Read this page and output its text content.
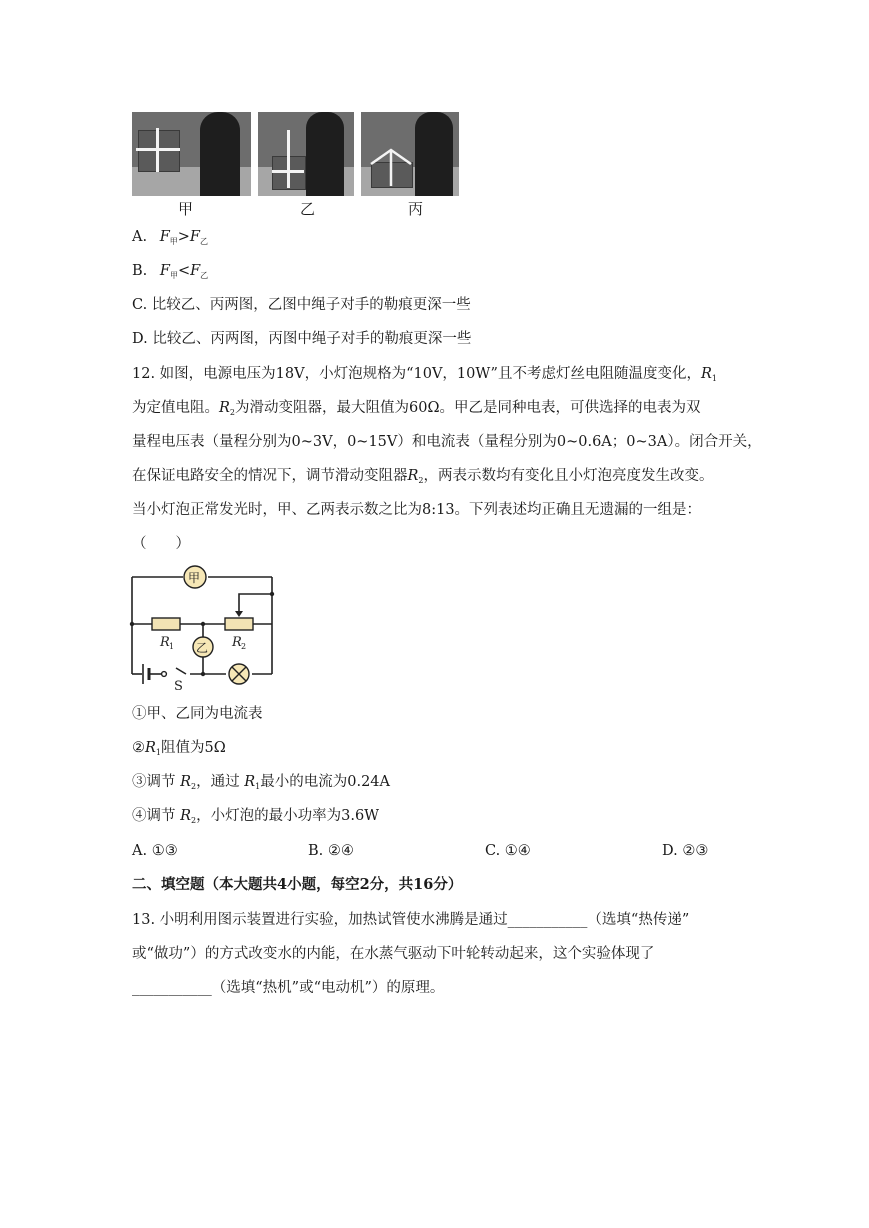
甲	乙	丙
A. $F_甲>F_乙$
B. $F_甲<F_乙$
C. 比较乙、丙两图，乙图中绳子对手的勒痕更深一些
D. 比较乙、丙两图，丙图中绳子对手的勒痕更深一些
12. 如图，电源电压为18V，小灯泡规格为“10V，10W”且不考虑灯丝电阻随温度变化，$R_1$
为定值电阻。$R_2$为滑动变阻器，最大阻值为60Ω。甲乙是同种电表，可供选择的电表为双
量程电压表（量程分别为0~3V，0~15V）和电流表（量程分别为0~0.6A；0~3A）。闭合开关，
在保证电路安全的情况下，调节滑动变阻器$R_2$，两表示数均有变化且小灯泡亮度发生改变。
当小灯泡正常发光时，甲、乙两表示数之比为8:13。下列表述均正确且无遗漏的一组是：
（　　）
甲
乙
R 1	R 2
S
①甲、乙同为电流表
$②R_1$阻值为5Ω
③调节 $R_2$，通过 $R_1$最小的电流为0.24A
④调节 $R_2$，小灯泡的最小功率为3.6W
A. ①③	B. ②④	C. ①④	D. ②③
二、填空题（本大题共4小题，每空2分，共16分）
13. 小明利用图示装置进行实验，加热试管使水沸腾是通过___________（选填“热传递”
或“做功”）的方式改变水的内能，在水蒸气驱动下叶轮转动起来，这个实验体现了
___________（选填“热机”或“电动机”）的原理。
